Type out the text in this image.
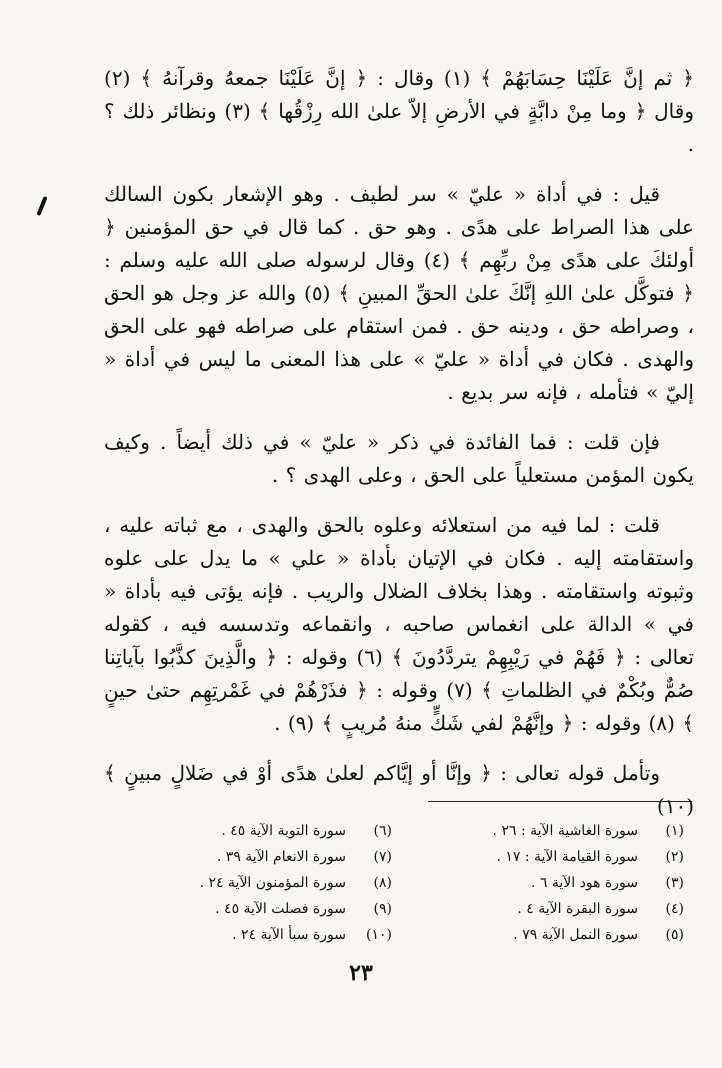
﴿ ثم إنَّ عَلَيْنَا حِسَابَهُمْ ﴾ (١) وقال : ﴿ إنَّ عَلَيْنَا جمعهُ وقرآنهُ ﴾ (٢) وقال ﴿ وما مِنْ دابَّةٍ في الأرضِ إلاّ علىٰ الله رِزْقُها ﴾ (٣) ونظائر ذلك ؟ .

قيل : في أداة « عليّ » سر لطيف . وهو الإشعار بكون السالك على هذا الصراط على هدًى . وهو حق . كما قال في حق المؤمنين ﴿ أولئكَ على هدًى مِنْ ربِّهِم ﴾ (٤) وقال لرسوله صلى الله عليه وسلم : ﴿ فتوكَّل علىٰ اللهِ إنَّكَ علىٰ الحقِّ المبينِ ﴾ (٥) والله عز وجل هو الحق ، وصراطه حق ، ودينه حق . فمن استقام على صراطه فهو على الحق والهدى . فكان في أداة « عليّ » على هذا المعنى ما ليس في أداة « إليّ » فتأمله ، فإنه سر بديع .

فإن قلت : فما الفائدة في ذكر « عليّ » في ذلك أيضاً . وكيف يكون المؤمن مستعلياً على الحق ، وعلى الهدى ؟ .

قلت : لما فيه من استعلائه وعلوه بالحق والهدى ، مع ثباته عليه ، واستقامته إليه . فكان في الإتيان بأداة « علي » ما يدل على علوه وثبوته واستقامته . وهذا بخلاف الضلال والريب . فإنه يؤتى فيه بأداة « في » الدالة على انغماس صاحبه ، وانقماعه وتدسسه فيه ، كقوله تعالى : ﴿ فَهُمْ في رَيْبِهِمْ يتردَّدُونَ ﴾ (٦) وقوله : ﴿ والَّذِينَ كذَّبُوا بآياتِنا صُمٌّ وبُكْمٌ في الظلماتِ ﴾ (٧) وقوله : ﴿ فذَرْهُمْ في غَمْرتِهِم حتىٰ حينٍ ﴾ (٨) وقوله : ﴿ وإنَّهُمْ لفي شَكٍّ منهُ مُريبٍ ﴾ (٩) .

وتأمل قوله تعالى : ﴿ وإنَّا أو إيَّاكم لعلىٰ هدًى أوْ في ضَلالٍ مبينٍ ﴾ (١٠)

(١)
سورة الغاشية الآية : ٢٦ .
(٢)
سورة القيامة الآية : ١٧ .
(٣)
سورة هود الآية ٦ .
(٤)
سورة البقرة الآية ٤ .
(٥)
سورة النمل الآية ٧٩ .
(٦)
سورة التوبة الآية ٤٥ .
(٧)
سورة الانعام الآية ٣٩ .
(٨)
سورة المؤمنون الآية ٢٤ .
(٩)
سورة فصلت الآية ٤٥ .
(١٠)
سورة سبأ الآية ٢٤ .
٢٣
